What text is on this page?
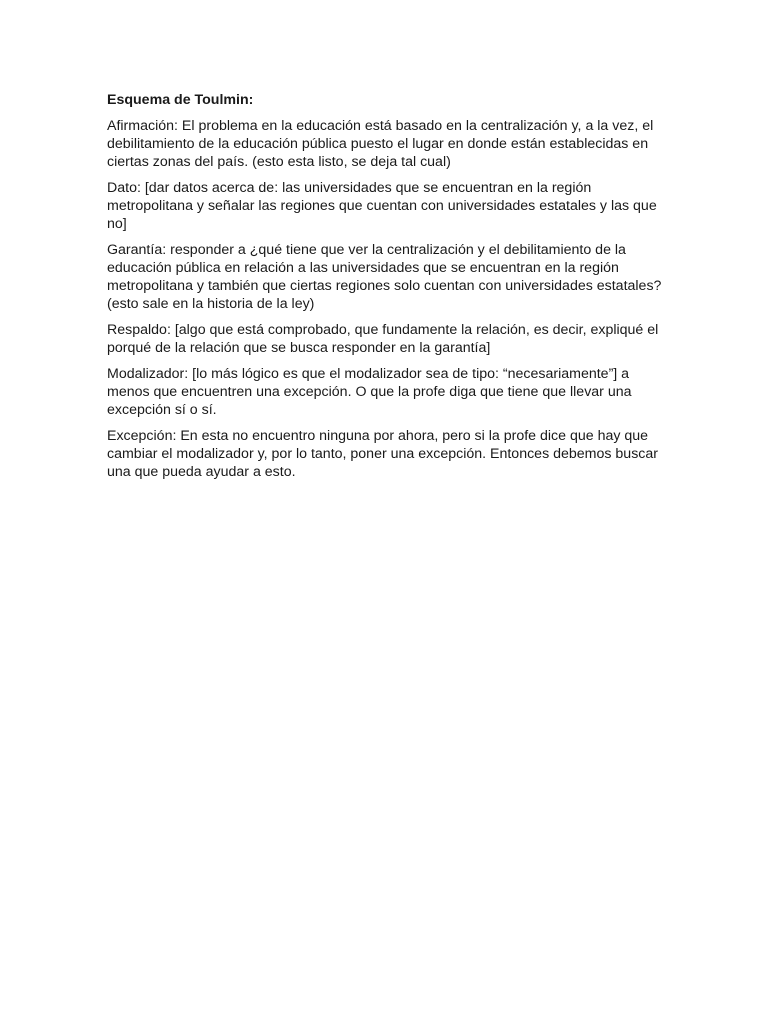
Esquema de Toulmin:

Afirmación: El problema en la educación está basado en la centralización y, a la vez, el debilitamiento de la educación pública puesto el lugar en donde están establecidas en ciertas zonas del país. (esto esta listo, se deja tal cual)

Dato: [dar datos acerca de: las universidades que se encuentran en la región metropolitana y señalar las regiones que cuentan con universidades estatales y las que no]

Garantía: responder a ¿qué tiene que ver la centralización y el debilitamiento de la educación pública en relación a las universidades que se encuentran en la región metropolitana y también que ciertas regiones solo cuentan con universidades estatales? (esto sale en la historia de la ley)

Respaldo: [algo que está comprobado, que fundamente la relación, es decir, expliqué el porqué de la relación que se busca responder en la garantía]

Modalizador: [lo más lógico es que el modalizador sea de tipo: “necesariamente”] a menos que encuentren una excepción. O que la profe diga que tiene que llevar una excepción sí o sí.

Excepción: En esta no encuentro ninguna por ahora, pero si la profe dice que hay que cambiar el modalizador y, por lo tanto, poner una excepción. Entonces debemos buscar una que pueda ayudar a esto.
